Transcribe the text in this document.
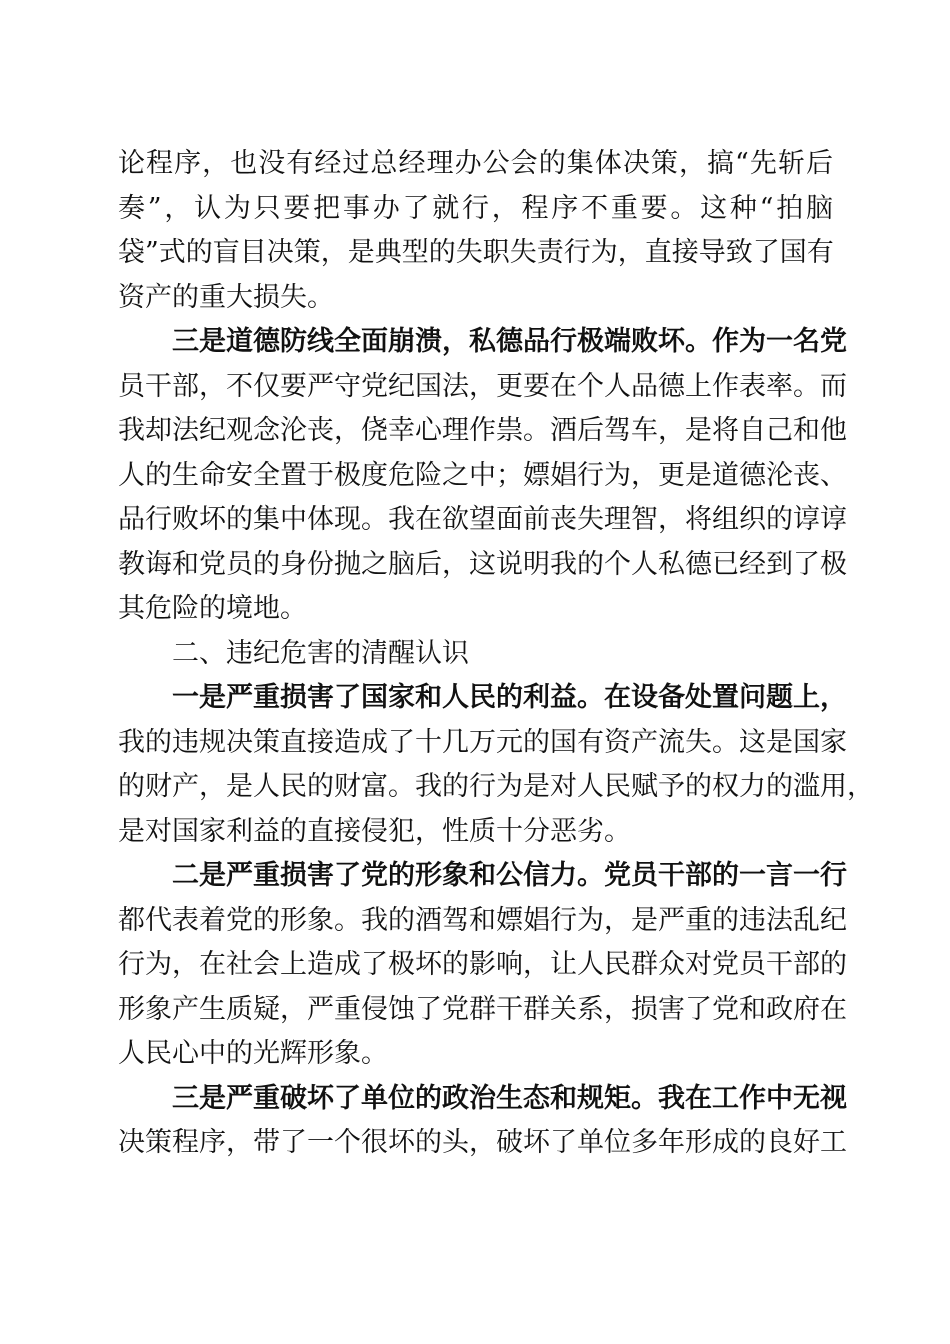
论程序，也没有经过总经理办公会的集体决策，搞“先斩后
奏”，认为只要把事办了就行，程序不重要。这种“拍脑
袋”式的盲目决策，是典型的失职失责行为，直接导致了国有
资产的重大损失。
三是道德防线全面崩溃，私德品行极端败坏。作为一名党
员干部，不仅要严守党纪国法，更要在个人品德上作表率。而
我却法纪观念沦丧，侥幸心理作祟。酒后驾车，是将自己和他
人的生命安全置于极度危险之中；嫖娼行为，更是道德沦丧、
品行败坏的集中体现。我在欲望面前丧失理智，将组织的谆谆
教诲和党员的身份抛之脑后，这说明我的个人私德已经到了极
其危险的境地。
二、违纪危害的清醒认识
一是严重损害了国家和人民的利益。在设备处置问题上，
我的违规决策直接造成了十几万元的国有资产流失。这是国家
的财产，是人民的财富。我的行为是对人民赋予的权力的滥用，
是对国家利益的直接侵犯，性质十分恶劣。
二是严重损害了党的形象和公信力。党员干部的一言一行
都代表着党的形象。我的酒驾和嫖娼行为，是严重的违法乱纪
行为，在社会上造成了极坏的影响，让人民群众对党员干部的
形象产生质疑，严重侵蚀了党群干群关系，损害了党和政府在
人民心中的光辉形象。
三是严重破坏了单位的政治生态和规矩。我在工作中无视
决策程序，带了一个很坏的头，破坏了单位多年形成的良好工
